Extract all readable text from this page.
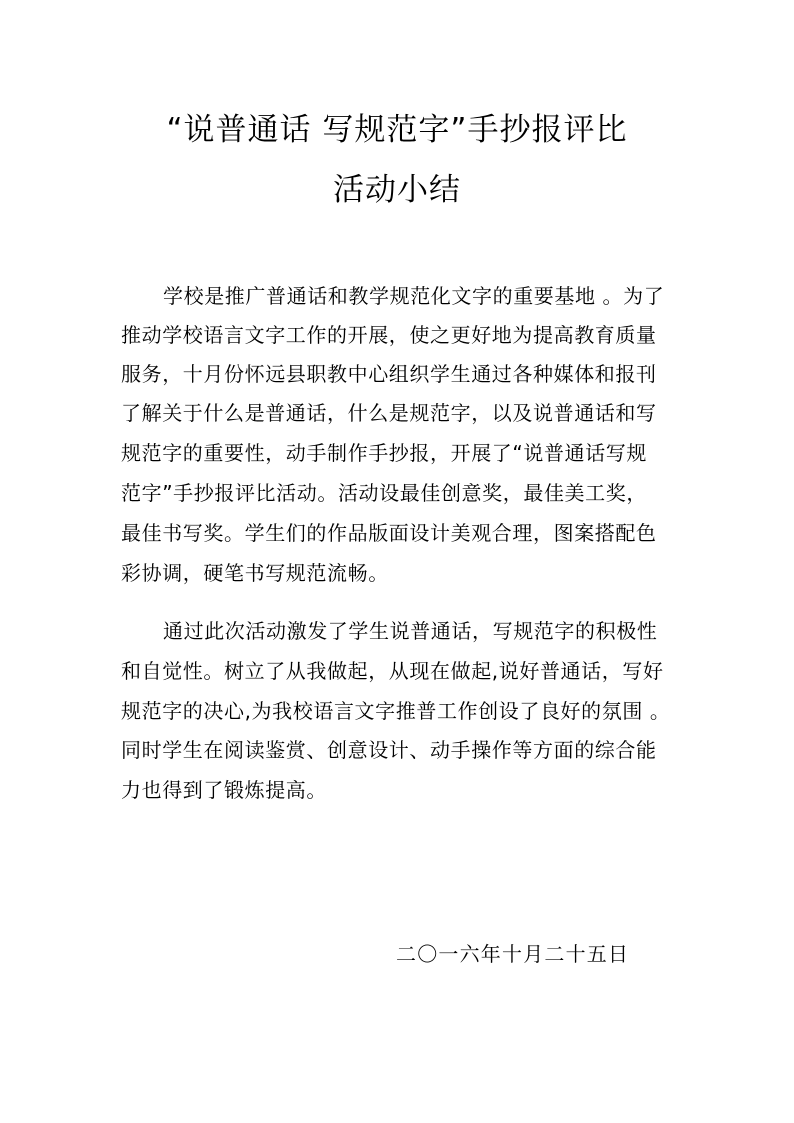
“说普通话 写规范字”手抄报评比
活动小结
学校是推广普通话和教学规范化文字的重要基地 。为了
推动学校语言文字工作的开展，使之更好地为提高教育质量
服务，十月份怀远县职教中心组织学生通过各种媒体和报刊
了解关于什么是普通话，什么是规范字，以及说普通话和写
规范字的重要性，动手制作手抄报，开展了“说普通话写规
范字”手抄报评比活动。活动设最佳创意奖，最佳美工奖，
最佳书写奖。学生们的作品版面设计美观合理，图案搭配色
彩协调，硬笔书写规范流畅。
通过此次活动激发了学生说普通话，写规范字的积极性
和自觉性。树立了从我做起，从现在做起,说好普通话，写好
规范字的决心,为我校语言文字推普工作创设了良好的氛围 。
同时学生在阅读鉴赏、创意设计、动手操作等方面的综合能
力也得到了锻炼提高。
二〇一六年十月二十五日
